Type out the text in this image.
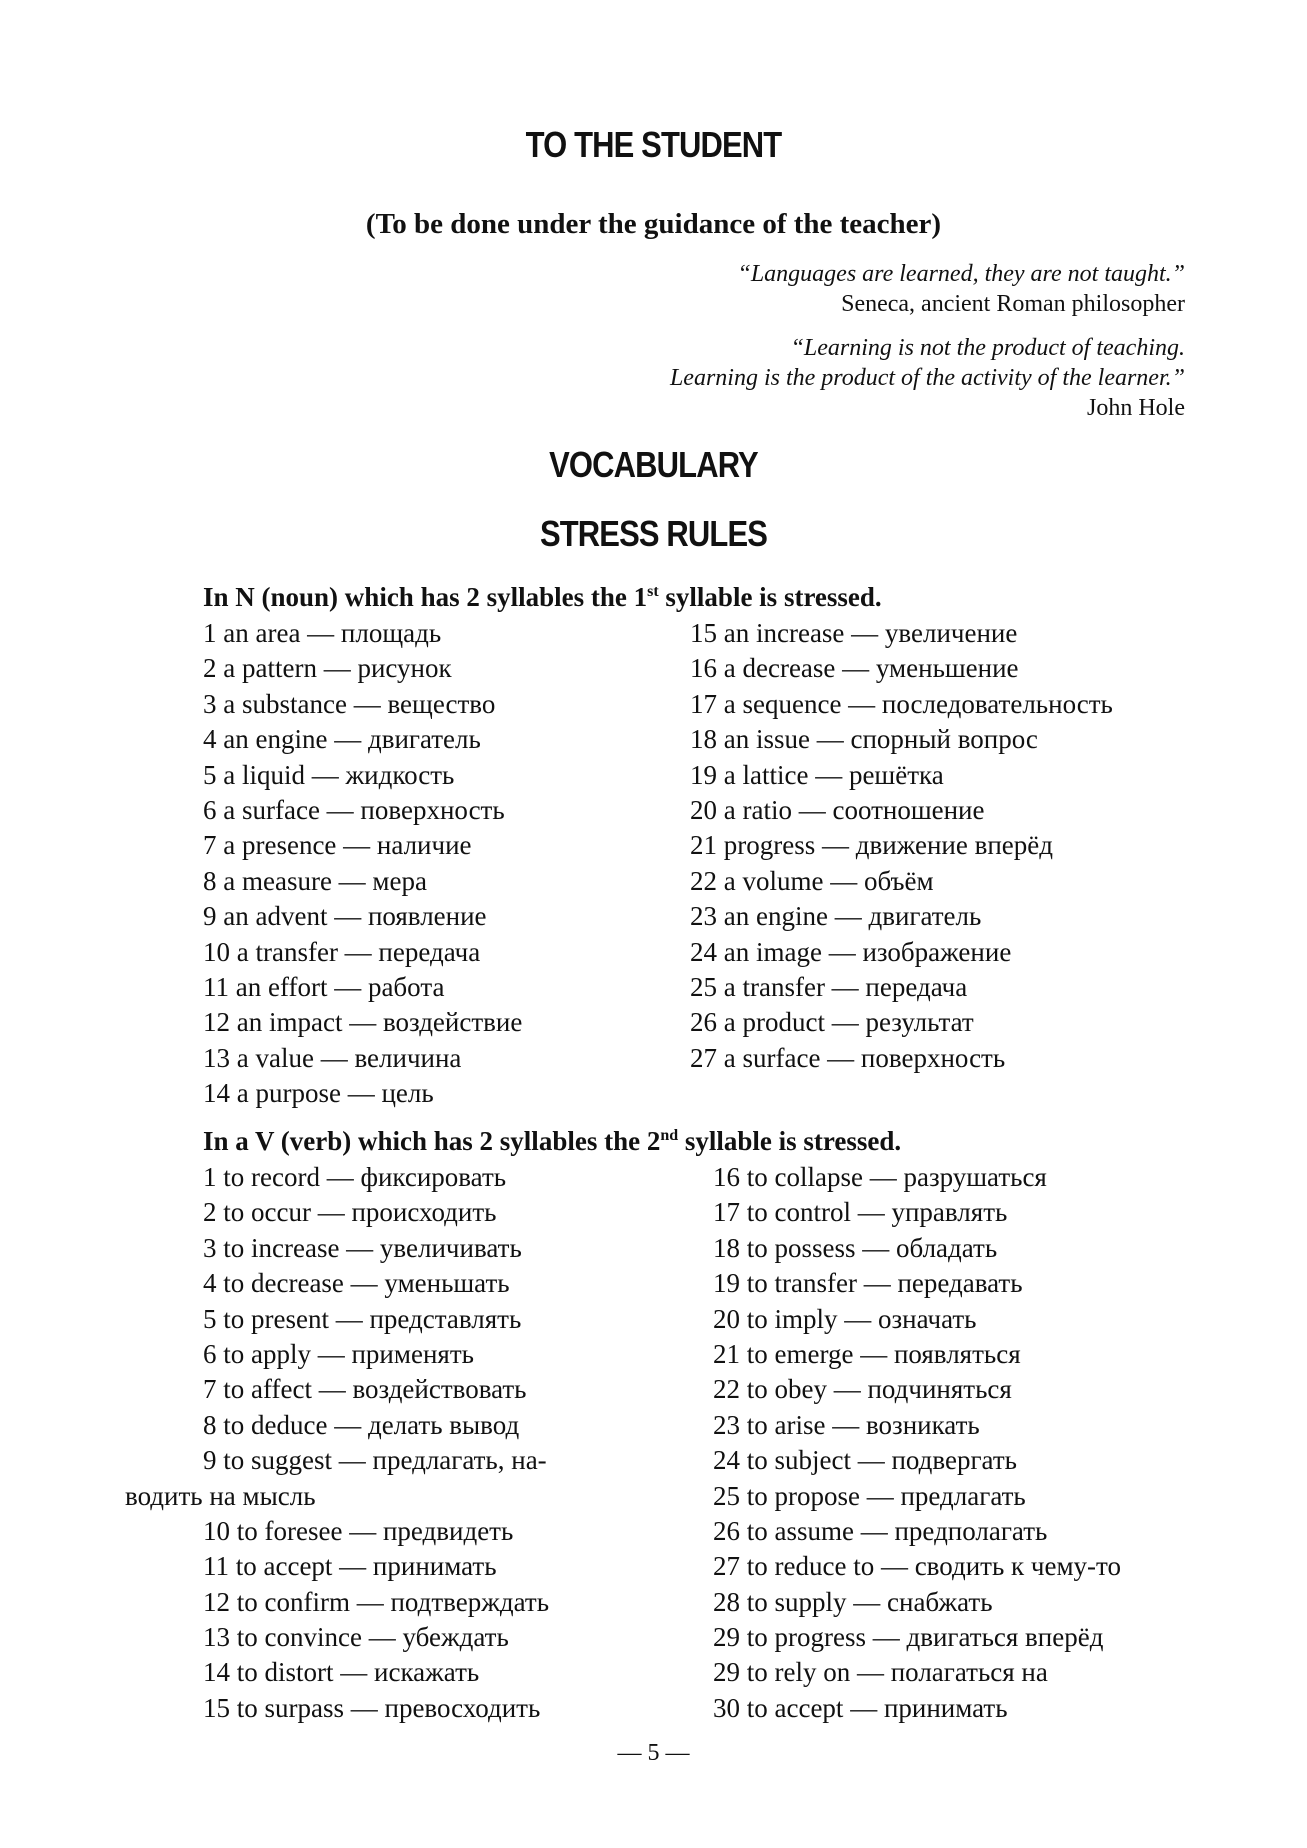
TO THE STUDENT
(To be done under the guidance of the teacher)
“Languages are learned, they are not taught.”
Seneca, ancient Roman philosopher
“Learning is not the product of teaching.
Learning is the product of the activity of the learner.”
John Hole
VOCABULARY
STRESS RULES
In N (noun) which has 2 syllables the 1st syllable is stressed.
1 an area — площадь
2 a pattern — рисунок
3 a substance — вещество
4 an engine — двигатель
5 a liquid — жидкость
6 a surface — поверхность
7 a presence — наличие
8 a measure — мера
9 an advent — появление
10 a transfer — передача
11 an effort — работа
12 an impact — воздействие
13 a value — величина
14 a purpose — цель
15 an increase — увеличение
16 a decrease — уменьшение
17 a sequence — последовательность
18 an issue — спорный вопрос
19 a lattice — решётка
20 a ratio — соотношение
21 progress — движение вперёд
22 a volume — объём
23 an engine — двигатель
24 an image — изображение
25 a transfer — передача
26 a product — результат
27 a surface — поверхность
In a V (verb) which has 2 syllables the 2nd syllable is stressed.
1 to record — фиксировать
2 to occur — происходить
3 to increase — увеличивать
4 to decrease — уменьшать
5 to present — представлять
6 to apply — применять
7 to affect — воздействовать
8 to deduce — делать вывод
9 to suggest — предлагать, на-
водить на мысль
10 to foresee — предвидеть
11 to accept — принимать
12 to confirm — подтверждать
13 to convince — убеждать
14 to distort — искажать
15 to surpass — превосходить
16 to collapse — разрушаться
17 to control — управлять
18 to possess — обладать
19 to transfer — передавать
20 to imply — означать
21 to emerge — появляться
22 to obey — подчиняться
23 to arise — возникать
24 to subject — подвергать
25 to propose — предлагать
26 to assume — предполагать
27 to reduce to — сводить к чему-то
28 to supply — снабжать
29 to progress — двигаться вперёд
29 to rely on — полагаться на
30 to accept — принимать
— 5 —
